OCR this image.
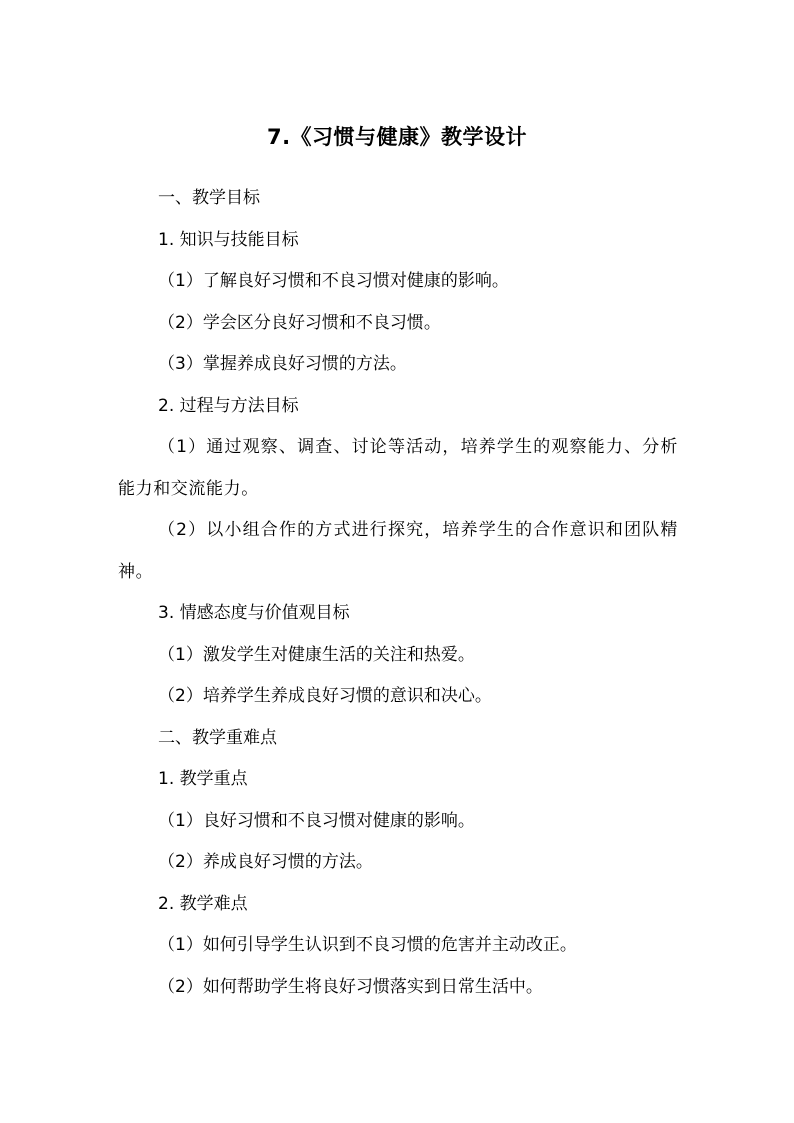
7.《习惯与健康》教学设计

一、教学目标

1. 知识与技能目标

（1）了解良好习惯和不良习惯对健康的影响。

（2）学会区分良好习惯和不良习惯。

（3）掌握养成良好习惯的方法。

2. 过程与方法目标

（1）通过观察、调查、讨论等活动，培养学生的观察能力、分析能力和交流能力。

（2）以小组合作的方式进行探究，培养学生的合作意识和团队精神。

3. 情感态度与价值观目标

（1）激发学生对健康生活的关注和热爱。

（2）培养学生养成良好习惯的意识和决心。

二、教学重难点

1. 教学重点

（1）良好习惯和不良习惯对健康的影响。

（2）养成良好习惯的方法。

2. 教学难点

（1）如何引导学生认识到不良习惯的危害并主动改正。

（2）如何帮助学生将良好习惯落实到日常生活中。
